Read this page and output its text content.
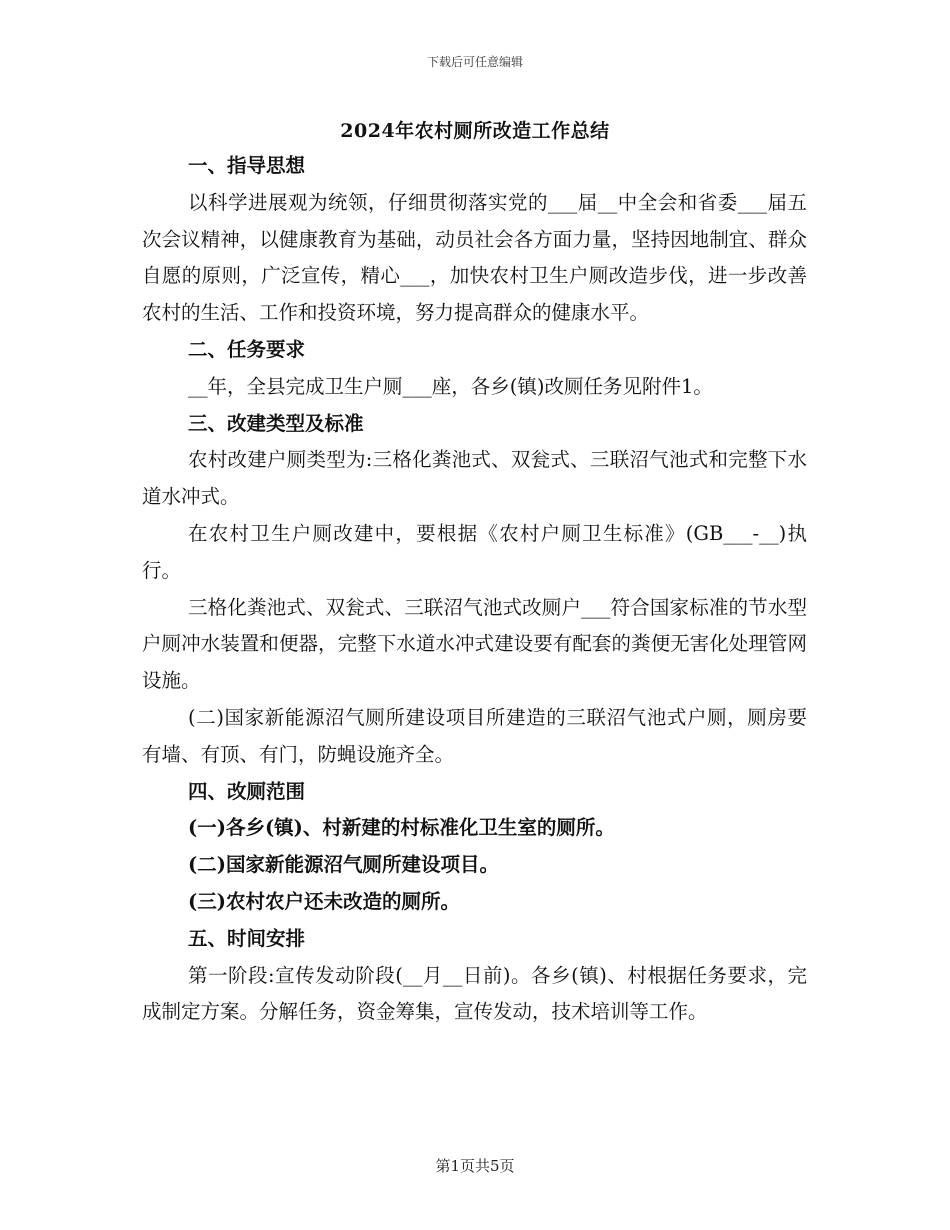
下载后可任意编辑
2024年农村厕所改造工作总结

一、指导思想

以科学进展观为统领，仔细贯彻落实党的___届__中全会和省委___届五次会议精神，以健康教育为基础，动员社会各方面力量，坚持因地制宜、群众自愿的原则，广泛宣传，精心___，加快农村卫生户厕改造步伐，进一步改善农村的生活、工作和投资环境，努力提高群众的健康水平。

二、任务要求

__年，全县完成卫生户厕___座，各乡(镇)改厕任务见附件1。

三、改建类型及标准

农村改建户厕类型为:三格化粪池式、双瓮式、三联沼气池式和完整下水道水冲式。

在农村卫生户厕改建中，要根据《农村户厕卫生标准》(GB___-__)执行。

三格化粪池式、双瓮式、三联沼气池式改厕户___符合国家标准的节水型户厕冲水装置和便器，完整下水道水冲式建设要有配套的粪便无害化处理管网设施。

(二)国家新能源沼气厕所建设项目所建造的三联沼气池式户厕，厕房要有墙、有顶、有门，防蝇设施齐全。

四、改厕范围

(一)各乡(镇)、村新建的村标准化卫生室的厕所。

(二)国家新能源沼气厕所建设项目。

(三)农村农户还未改造的厕所。

五、时间安排

第一阶段:宣传发动阶段(__月__日前)。各乡(镇)、村根据任务要求，完成制定方案。分解任务，资金筹集，宣传发动，技术培训等工作。

第1页共5页
